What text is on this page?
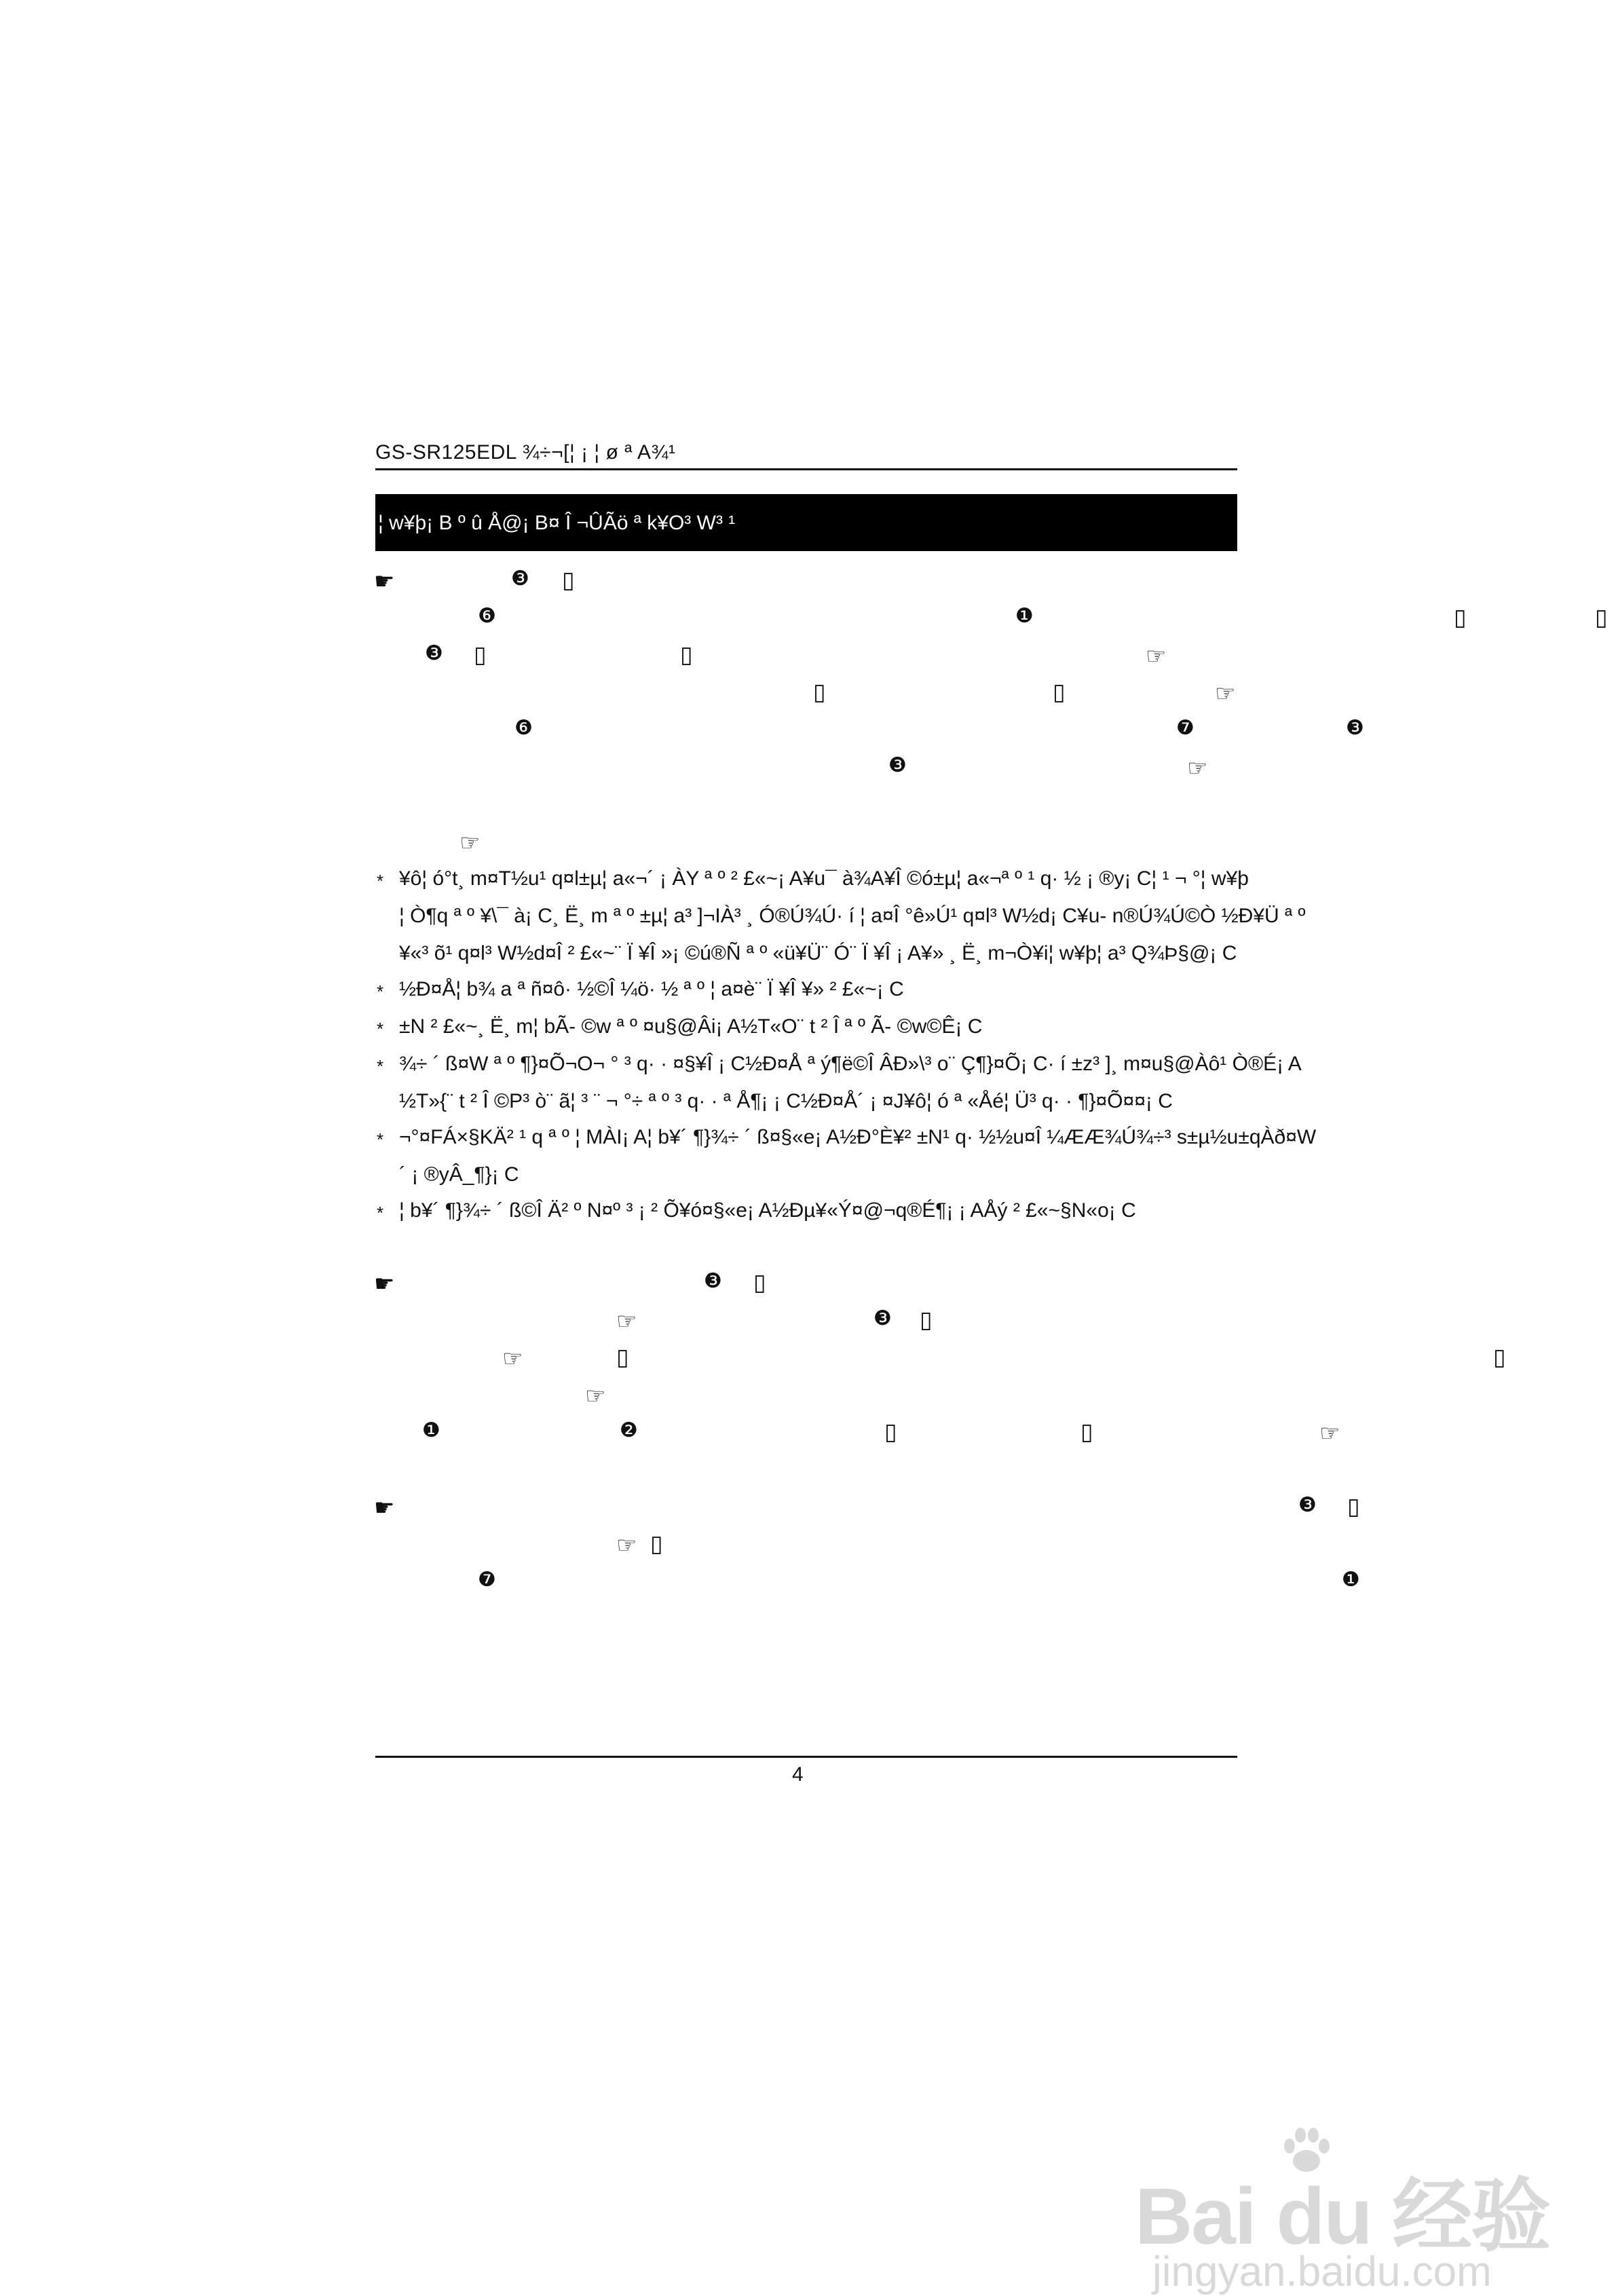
GS-SR125EDL ¾÷¬[¦ ¡ ¦ ø ª A¾¹
¦ w¥þ¡ B º û Å@¡ B¤ Î ¬ÛÃö ª k¥O³ W³ ¹
☛	❸ ▯
❻	❶	▯	▯
❸ ▯	▯	☞
▯	▯	☞
❻	❼	❸
❸	☞
☞
* ¥ô¦ ó°t¸ m¤T½u¹ q¤l±µ¦ a«¬´ ¡ ÀY ª º ² £«~¡ A¥u¯ à¾A¥Î ©ó±µ¦ a«¬ª º ¹ q· ½ ¡ ®y¡ C¦ ¹ ¬ °¦ w¥þ
¦ Ò¶q ª º ¥\¯ à¡ C¸ Ë¸ m ª º ±µ¦ a³ ]¬IÀ³ ¸ Ó®Ú¾Ú· í ¦ a¤Î °ê»Ú¹ q¤l³ W½d¡ C¥u- n®Ú¾Ú©Ò ½Ð¥Ü ª º
¥«³ õ¹ q¤l³ W½d¤Î ² £«~¨ Ï ¥Î »¡ ©ú®Ñ ª º «ü¥Ü¨ Ó¨ Ï ¥Î ¡ A¥» ¸ Ë¸ m¬Ò¥i¦ w¥þ¦ a³ Q¾Þ§@¡ C
* ½Ð¤Å¦ b¾ a ª ñ¤ô· ½©Î ¼ö· ½ ª º ¦ a¤è¨ Ï ¥Î ¥» ² £«~¡ C
* ±N ² £«~¸ Ë¸ m¦ bÃ- ©w ª º ¤u§@Âi¡ A½T«O¨ t ² Î ª º Ã- ©w©Ê¡ C
* ¾÷ ´ ß¤W ª º ¶}¤Õ¬O¬ ° ³ q· · ¤§¥Î ¡ C½Ð¤Å ª ý¶ë©Î ÂÐ»\³ o¨ Ç¶}¤Õ¡ C· í ±z³ ]¸ m¤u§@Àô¹ Ò®É¡ A
½T»{¨ t ² Î ©P³ ò¨ ã¦ ³ ¨ ¬ °÷ ª º ³ q· · ª Å¶¡ ¡ C½Ð¤Å´ ¡ ¤J¥ô¦ ó ª «Åé¦ Ü³ q· · ¶}¤Õ¤¤¡ C
* ¬°¤FÁ×§KÄ² ¹ q ª º ¦ MÀI¡ A¦ b¥´ ¶}¾÷ ´ ß¤§«e¡ A½Ð°È¥² ±N¹ q· ½½u¤Î ¼ÆÆ¾Ú¾÷³ s±µ½u±qÀð¤W
´ ¡ ®yÂ_¶}¡ C
* ¦ b¥´ ¶}¾÷ ´ ß©Î Ä² º N¤º ³ ¡ ² Õ¥ó¤§«e¡ A½Ðµ¥«Ý¤@¬q®É¶¡ ¡ AÅý ² £«~§N«o¡ C
☛	❸ ▯
☞	❸ ▯
☞	▯	▯
☞
❶	❷	▯	▯	☞
☛	❸ ▯
☞ ▯
❼	❶
4
Bai du 经验
jingyan.baidu.com
